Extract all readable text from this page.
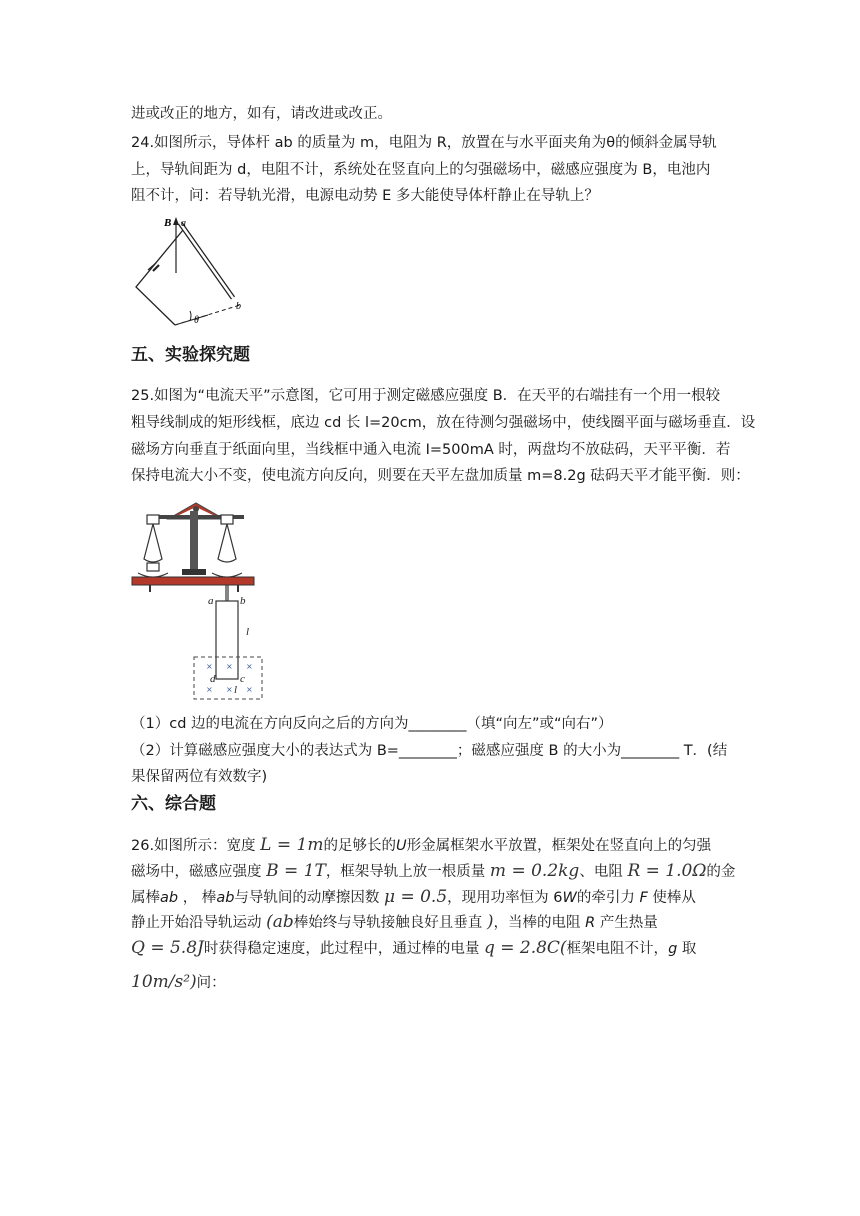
进或改正的地方，如有，请改进或改正。
24.如图所示，导体杆 ab 的质量为 m，电阻为 R，放置在与水平面夹角为θ的倾斜金属导轨
上，导轨间距为 d，电阻不计，系统处在竖直向上的匀强磁场中，磁感应强度为 B，电池内
阻不计，问：若导轨光滑，电源电动势 E 多大能使导体杆静止在导轨上？
B a
b
θ
五、实验探究题
25.如图为“电流天平”示意图，它可用于测定磁感应强度 B．在天平的右端挂有一个用一根较
粗导线制成的矩形线框，底边 cd 长 l=20cm，放在待测匀强磁场中，使线圈平面与磁场垂直．设
磁场方向垂直于纸面向里，当线框中通入电流 I=500mA 时，两盘均不放砝码，天平平衡．若
保持电流大小不变，使电流方向反向，则要在天平左盘加质量 m=8.2g 砝码天平才能平衡．则：
× × ×
× × ×
a b
l
d c
l
（1）cd 边的电流在方向反向之后的方向为________（填“向左”或“向右”）
（2）计算磁感应强度大小的表达式为 B=________；磁感应强度 B 的大小为________ T．(结
果保留两位有效数字)
六、综合题
26.如图所示：宽度 L = 1m的足够长的U形金属框架水平放置，框架处在竖直向上的匀强
磁场中，磁感应强度 B = 1T，框架导轨上放一根质量 m = 0.2kg、电阻 R = 1.0Ω的金
属棒ab ， 棒ab与导轨间的动摩擦因数 μ = 0.5，现用功率恒为 6W的牵引力 F 使棒从
静止开始沿导轨运动 (ab棒始终与导轨接触良好且垂直 )，当棒的电阻 R 产生热量
Q = 5.8J时获得稳定速度，此过程中，通过棒的电量 q = 2.8C(框架电阻不计，g 取
10m/s²)问：
